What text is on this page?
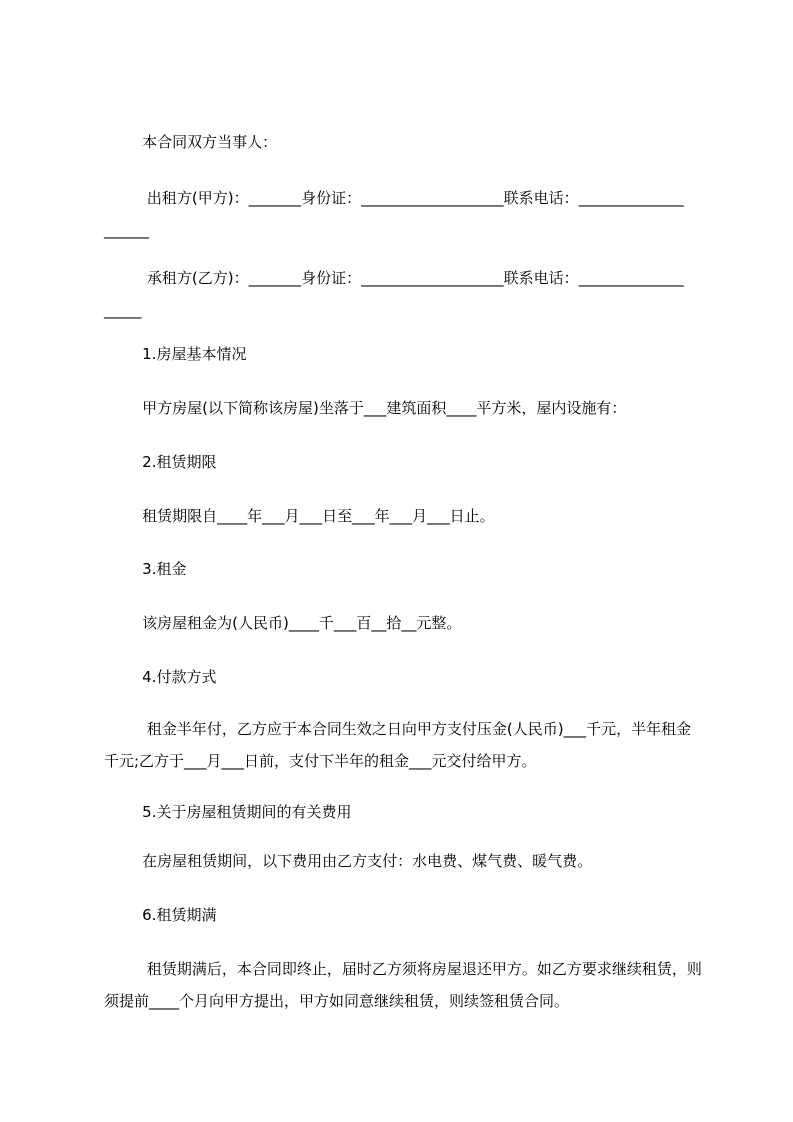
本合同双方当事人：

出租方(甲方)：_______身份证：___________________联系电话：______________
______

承租方(乙方)：_______身份证：___________________联系电话：______________
_____

1.房屋基本情况

甲方房屋(以下简称该房屋)坐落于___建筑面积____平方米，屋内设施有：

2.租赁期限

租赁期限自____年___月___日至___年___月___日止。

3.租金

该房屋租金为(人民币)____千___百__拾__元整。

4.付款方式

租金半年付，乙方应于本合同生效之日向甲方支付压金(人民币)___千元，半年租金千元;乙方于___月___日前，支付下半年的租金___元交付给甲方。

5.关于房屋租赁期间的有关费用

在房屋租赁期间，以下费用由乙方支付：水电费、煤气费、暖气费。

6.租赁期满

租赁期满后，本合同即终止，届时乙方须将房屋退还甲方。如乙方要求继续租赁，则须提前____个月向甲方提出，甲方如同意继续租赁，则续签租赁合同。
